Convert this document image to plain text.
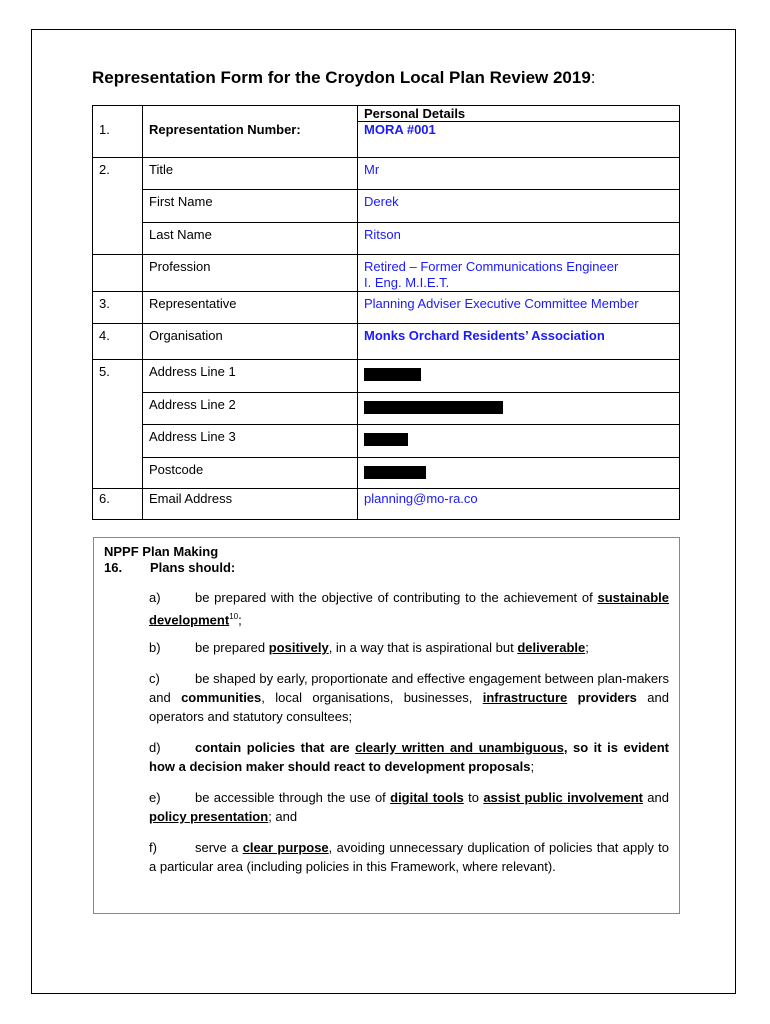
Representation Form for the Croydon Local Plan Review 2019:
		Personal Details
1.	Representation Number:	MORA #001
2.	Title	Mr
	First Name	Derek
	Last Name	Ritson
	Profession	Retired – Former Communications Engineer
I. Eng. M.I.E.T.
3.	Representative	Planning Adviser Executive Committee Member
4.	Organisation	Monks Orchard Residents’ Association
5.	Address Line 1	
	Address Line 2	
	Address Line 3	
	Postcode	
6.	Email Address	planning@mo-ra.co
NPPF Plan Making
16. Plans should:
a)	be prepared with the objective of contributing to the achievement of sustainable development$^{10}$;
b)	be prepared positively, in a way that is aspirational but deliverable;
c)	be shaped by early, proportionate and effective engagement between plan-makers and communities, local organisations, businesses, infrastructure providers and operators and statutory consultees;
d)	contain policies that are clearly written and unambiguous, so it is evident how a decision maker should react to development proposals;
e)	be accessible through the use of digital tools to assist public involvement and policy presentation; and
f)	serve a clear purpose, avoiding unnecessary duplication of policies that apply to a particular area (including policies in this Framework, where relevant).
